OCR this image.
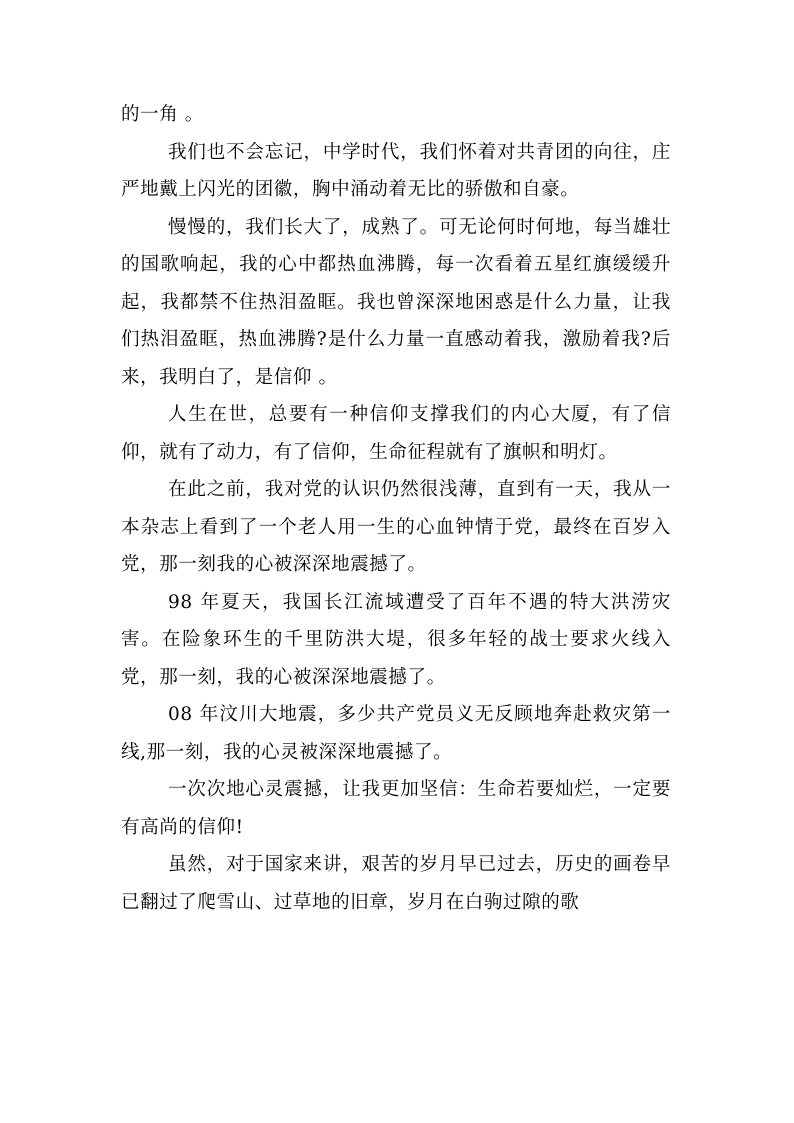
的一角 。

我们也不会忘记，中学时代，我们怀着对共青团的向往，庄严地戴上闪光的团徽，胸中涌动着无比的骄傲和自豪。

慢慢的，我们长大了，成熟了。可无论何时何地，每当雄壮的国歌响起，我的心中都热血沸腾，每一次看着五星红旗缓缓升起，我都禁不住热泪盈眶。我也曾深深地困惑是什么力量，让我们热泪盈眶，热血沸腾?是什么力量一直感动着我，激励着我?后来，我明白了，是信仰 。

人生在世，总要有一种信仰支撑我们的内心大厦，有了信仰，就有了动力，有了信仰，生命征程就有了旗帜和明灯。

在此之前，我对党的认识仍然很浅薄，直到有一天，我从一本杂志上看到了一个老人用一生的心血钟情于党，最终在百岁入党，那一刻我的心被深深地震撼了。

98 年夏天，我国长江流域遭受了百年不遇的特大洪涝灾害。在险象环生的千里防洪大堤，很多年轻的战士要求火线入党，那一刻，我的心被深深地震撼了。

08 年汶川大地震，多少共产党员义无反顾地奔赴救灾第一线,那一刻，我的心灵被深深地震撼了。

一次次地心灵震撼，让我更加坚信：生命若要灿烂，一定要有高尚的信仰!

虽然，对于国家来讲，艰苦的岁月早已过去，历史的画卷早已翻过了爬雪山、过草地的旧章，岁月在白驹过隙的歌
